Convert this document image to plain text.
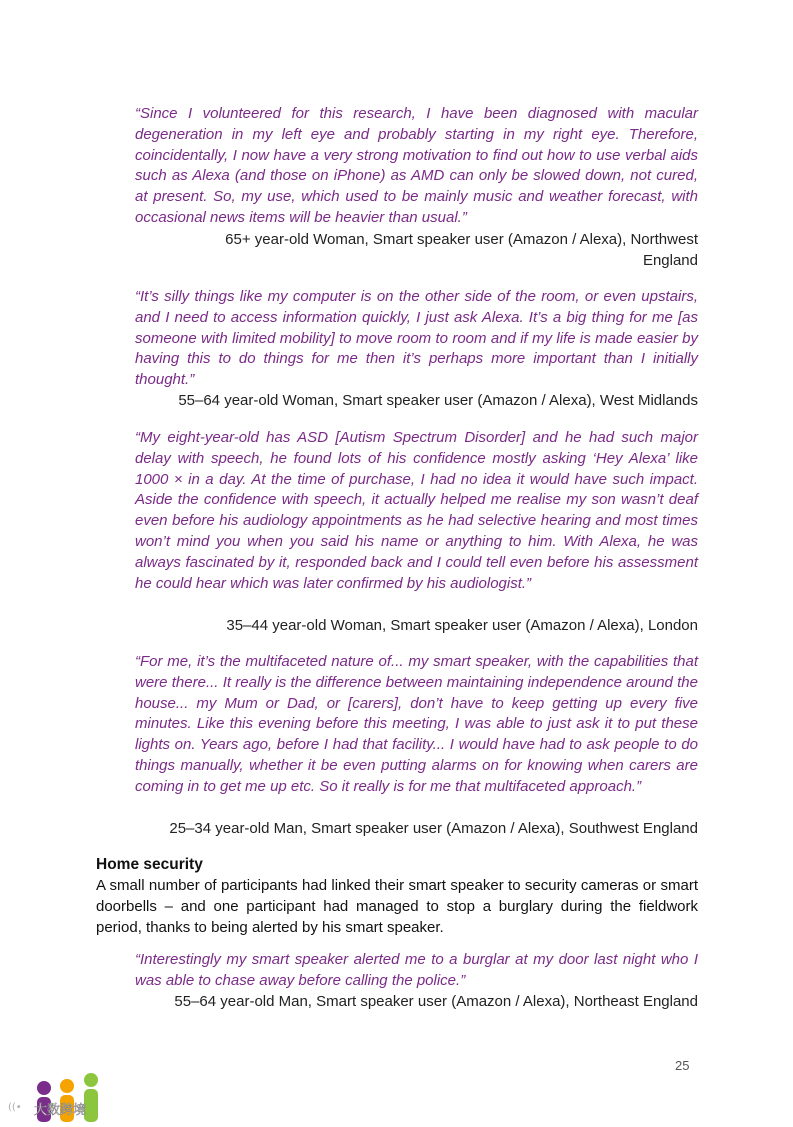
“Since I volunteered for this research, I have been diagnosed with macular degeneration in my left eye and probably starting in my right eye. Therefore, coincidentally, I now have a very strong motivation to find out how to use verbal aids such as Alexa (and those on iPhone) as AMD can only be slowed down, not cured, at present. So, my use, which used to be mainly music and weather forecast, with occasional news items will be heavier than usual.”
65+ year-old Woman, Smart speaker user (Amazon / Alexa), Northwest England
“It’s silly things like my computer is on the other side of the room, or even upstairs, and I need to access information quickly, I just ask Alexa. It’s a big thing for me [as someone with limited mobility] to move room to room and if my life is made easier by having this to do things for me then it’s perhaps more important than I initially thought.”
55–64 year-old Woman, Smart speaker user (Amazon / Alexa), West Midlands
“My eight-year-old has ASD [Autism Spectrum Disorder] and he had such major delay with speech, he found lots of his confidence mostly asking ‘Hey Alexa’ like 1000 × in a day. At the time of purchase, I had no idea it would have such impact. Aside the confidence with speech, it actually helped me realise my son wasn’t deaf even before his audiology appointments as he had selective hearing and most times won’t mind you when you said his name or anything to him. With Alexa, he was always fascinated by it, responded back and I could tell even before his assessment he could hear which was later confirmed by his audiologist.”
35–44 year-old Woman, Smart speaker user (Amazon / Alexa), London
“For me, it’s the multifaceted nature of... my smart speaker, with the capabilities that were there... It really is the difference between maintaining independence around the house... my Mum or Dad, or [carers], don’t have to keep getting up every five minutes. Like this evening before this meeting, I was able to just ask it to put these lights on. Years ago, before I had that facility... I would have had to ask people to do things manually, whether it be even putting alarms on for knowing when carers are coming in to get me up etc. So it really is for me that multifaceted approach.”
25–34 year-old Man, Smart speaker user (Amazon / Alexa), Southwest England
Home security
A small number of participants had linked their smart speaker to security cameras or smart doorbells – and one participant had managed to stop a burglary during the fieldwork period, thanks to being alerted by his smart speaker.
“Interestingly my smart speaker alerted me to a burglar at my door last night who I was able to chase away before calling the police.”
55–64 year-old Man, Smart speaker user (Amazon / Alexa), Northeast England
25
((• 大数跨境
